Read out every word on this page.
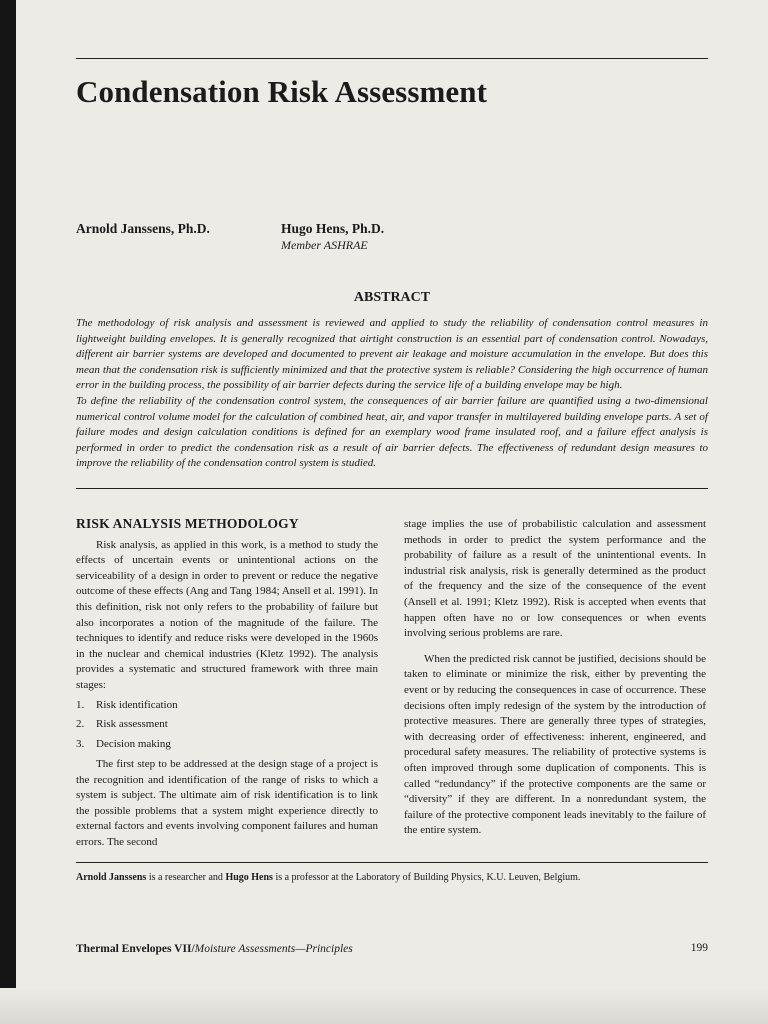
Condensation Risk Assessment
Arnold Janssens, Ph.D.	Hugo Hens, Ph.D.
Member ASHRAE
ABSTRACT

The methodology of risk analysis and assessment is reviewed and applied to study the reliability of condensation control measures in lightweight building envelopes. It is generally recognized that airtight construction is an essential part of condensation control. Nowadays, different air barrier systems are developed and documented to prevent air leakage and moisture accumulation in the envelope. But does this mean that the condensation risk is sufficiently minimized and that the protective system is reliable? Considering the high occurrence of human error in the building process, the possibility of air barrier defects during the service life of a building envelope may be high.

To define the reliability of the condensation control system, the consequences of air barrier failure are quantified using a two-dimensional numerical control volume model for the calculation of combined heat, air, and vapor transfer in multilayered building envelope parts. A set of failure modes and design calculation conditions is defined for an exemplary wood frame insulated roof, and a failure effect analysis is performed in order to predict the condensation risk as a result of air barrier defects. The effectiveness of redundant design measures to improve the reliability of the condensation control system is studied.

RISK ANALYSIS METHODOLOGY

Risk analysis, as applied in this work, is a method to study the effects of uncertain events or unintentional actions on the serviceability of a design in order to prevent or reduce the negative outcome of these effects (Ang and Tang 1984; Ansell et al. 1991). In this definition, risk not only refers to the probability of failure but also incorporates a notion of the magnitude of the failure. The techniques to identify and reduce risks were developed in the 1960s in the nuclear and chemical industries (Kletz 1992). The analysis provides a systematic and structured framework with three main stages:

1.	Risk identification
2.	Risk assessment
3.	Decision making

The first step to be addressed at the design stage of a project is the recognition and identification of the range of risks to which a system is subject. The ultimate aim of risk identification is to link the possible problems that a system might experience directly to external factors and events involving component failures and human errors. The second

stage implies the use of probabilistic calculation and assessment methods in order to predict the system performance and the probability of failure as a result of the unintentional events. In industrial risk analysis, risk is generally determined as the product of the frequency and the size of the consequence of the event (Ansell et al. 1991; Kletz 1992). Risk is accepted when events that happen often have no or low consequences or when events involving serious problems are rare.

When the predicted risk cannot be justified, decisions should be taken to eliminate or minimize the risk, either by preventing the event or by reducing the consequences in case of occurrence. These decisions often imply redesign of the system by the introduction of protective measures. There are generally three types of strategies, with decreasing order of effectiveness: inherent, engineered, and procedural safety measures. The reliability of protective systems is often improved through some duplication of components. This is called “redundancy” if the protective components are the same or “diversity” if they are different. In a nonredundant system, the failure of the protective component leads inevitably to the failure of the entire system.

Arnold Janssens is a researcher and Hugo Hens is a professor at the Laboratory of Building Physics, K.U. Leuven, Belgium.
Thermal Envelopes VII/Moisture Assessments—Principles	199
